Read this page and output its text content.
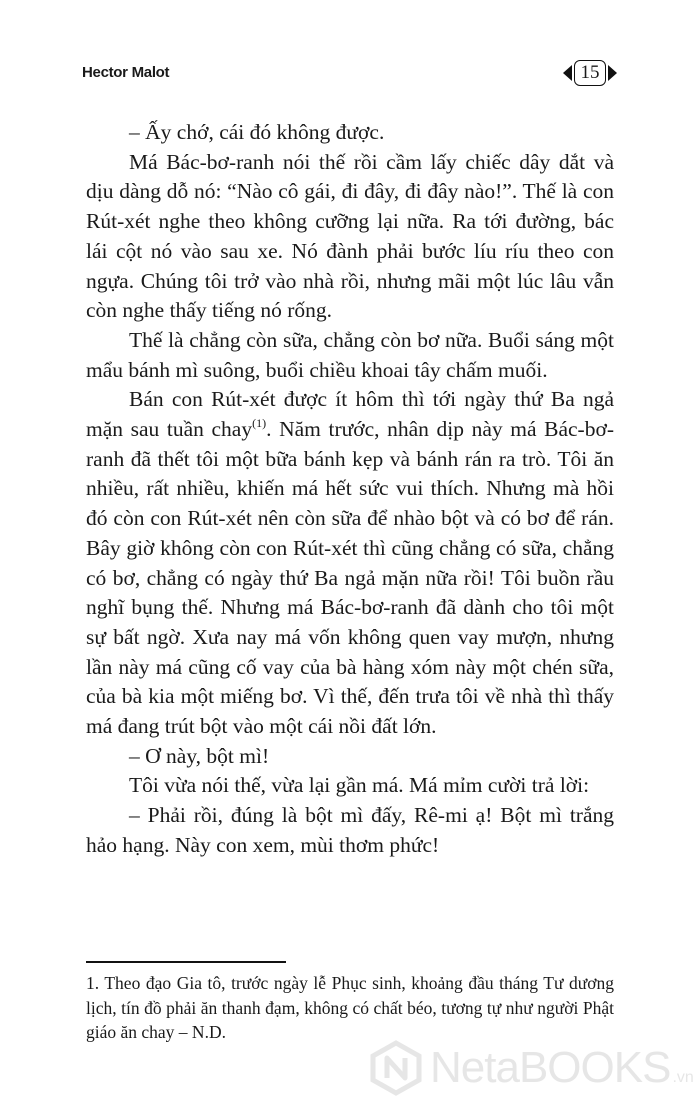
Hector Malot	15

– Ấy chớ, cái đó không được.

Má Bác-bơ-ranh nói thế rồi cầm lấy chiếc dây dắt và dịu dàng dỗ nó: “Nào cô gái, đi đây, đi đây nào!”. Thế là con Rút-xét nghe theo không cưỡng lại nữa. Ra tới đường, bác lái cột nó vào sau xe. Nó đành phải bước líu ríu theo con ngựa. Chúng tôi trở vào nhà rồi, nhưng mãi một lúc lâu vẫn còn nghe thấy tiếng nó rống.

Thế là chẳng còn sữa, chẳng còn bơ nữa. Buổi sáng một mẩu bánh mì suông, buổi chiều khoai tây chấm muối.

Bán con Rút-xét được ít hôm thì tới ngày thứ Ba ngả mặn sau tuần chay$^{(1)}$. Năm trước, nhân dịp này má Bác-bơ-ranh đã thết tôi một bữa bánh kẹp và bánh rán ra trò. Tôi ăn nhiều, rất nhiều, khiến má hết sức vui thích. Nhưng mà hồi đó còn con Rút-xét nên còn sữa để nhào bột và có bơ để rán. Bây giờ không còn con Rút-xét thì cũng chẳng có sữa, chẳng có bơ, chẳng có ngày thứ Ba ngả mặn nữa rồi! Tôi buồn rầu nghĩ bụng thế. Nhưng má Bác-bơ-ranh đã dành cho tôi một sự bất ngờ. Xưa nay má vốn không quen vay mượn, nhưng lần này má cũng cố vay của bà hàng xóm này một chén sữa, của bà kia một miếng bơ. Vì thế, đến trưa tôi về nhà thì thấy má đang trút bột vào một cái nồi đất lớn.

– Ơ này, bột mì!

Tôi vừa nói thế, vừa lại gần má. Má mỉm cười trả lời:

– Phải rồi, đúng là bột mì đấy, Rê-mi ạ! Bột mì trắng hảo hạng. Này con xem, mùi thơm phức!

1. Theo đạo Gia tô, trước ngày lễ Phục sinh, khoảng đầu tháng Tư dương lịch, tín đồ phải ăn thanh đạm, không có chất béo, tương tự như người Phật giáo ăn chay – N.D.
NetaBOOKS .vn
